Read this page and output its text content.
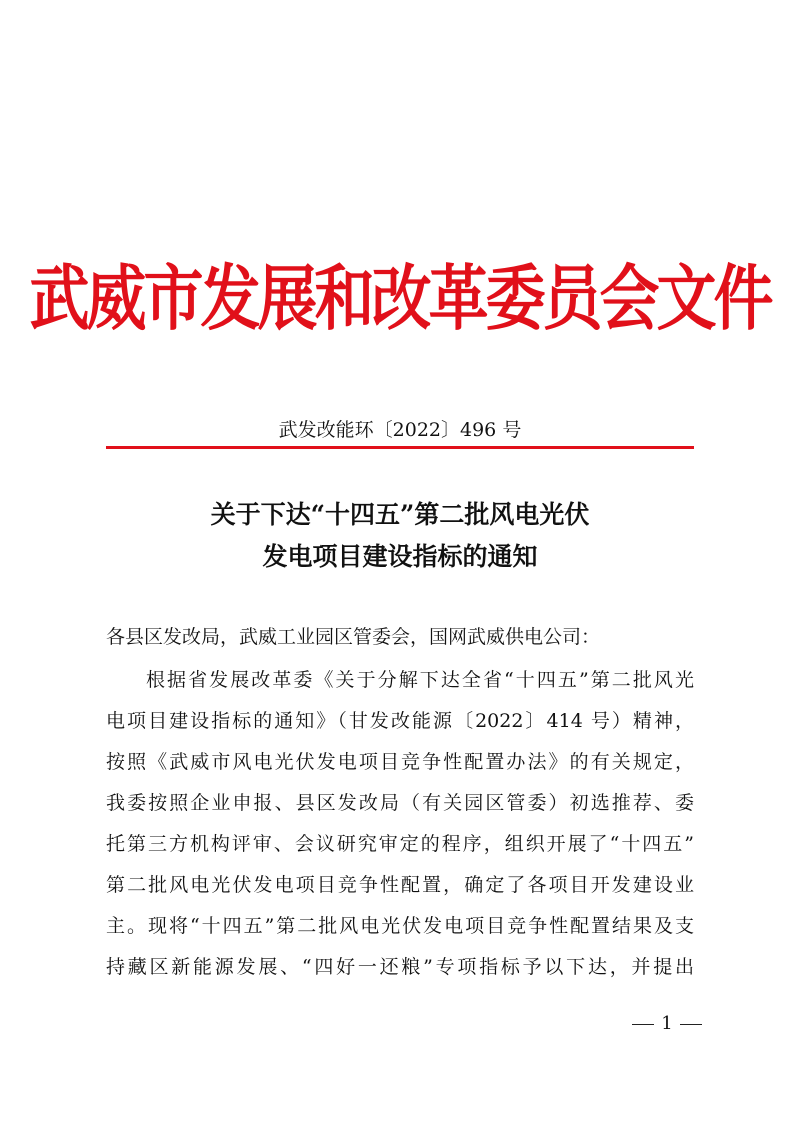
武威市发展和改革委员会文件
武发改能环〔2022〕496 号
关于下达“十四五”第二批风电光伏
发电项目建设指标的通知
各县区发改局，武威工业园区管委会，国网武威供电公司：
根据省发展改革委《关于分解下达全省“十四五”第二批风光
电项目建设指标的通知》（甘发改能源〔2022〕414 号）精神，
按照《武威市风电光伏发电项目竞争性配置办法》的有关规定，
我委按照企业申报、县区发改局（有关园区管委）初选推荐、委
托第三方机构评审、会议研究审定的程序，组织开展了“十四五”
第二批风电光伏发电项目竞争性配置，确定了各项目开发建设业
主。现将“十四五”第二批风电光伏发电项目竞争性配置结果及支
持藏区新能源发展、“四好一还粮”专项指标予以下达，并提出
1
